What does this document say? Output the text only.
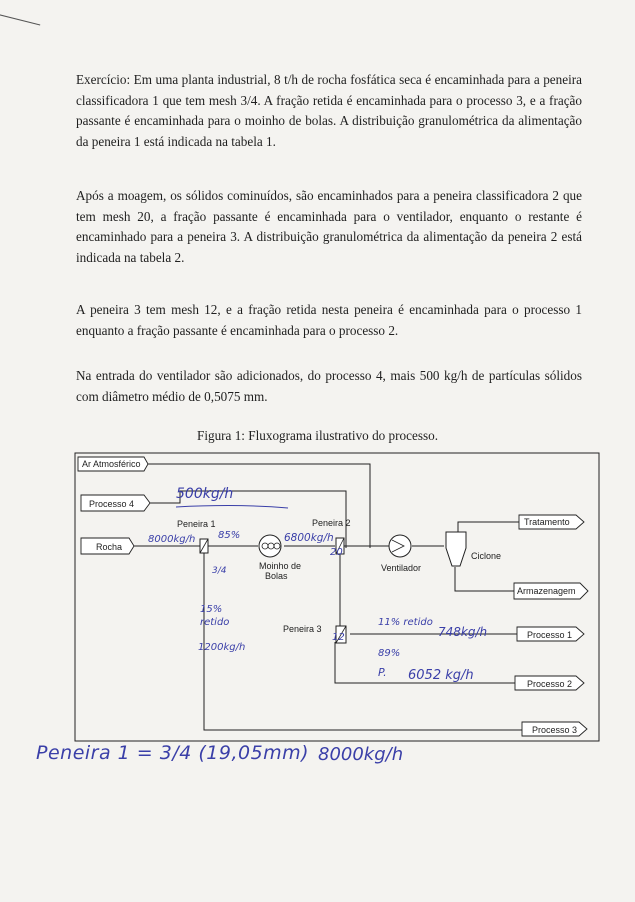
Exercício: Em uma planta industrial, 8 t/h de rocha fosfática seca é encaminhada para a peneira classificadora 1 que tem mesh 3/4. A fração retida é encaminhada para o processo 3, e a fração passante é encaminhada para o moinho de bolas. A distribuição granulométrica da alimentação da peneira 1 está indicada na tabela 1.

Após a moagem, os sólidos cominuídos, são encaminhados para a peneira classificadora 2 que tem mesh 20, a fração passante é encaminhada para o ventilador, enquanto o restante é encaminhado para a peneira 3. A distribuição granulométrica da alimentação da peneira 2 está indicada na tabela 2.

A peneira 3 tem mesh 12, e a fração retida nesta peneira é encaminhada para o processo 1 enquanto a fração passante é encaminhada para o processo 2.

Na entrada do ventilador são adicionados, do processo 4, mais 500 kg/h de partículas sólidos com diâmetro médio de 0,5075 mm.

Figura 1: Fluxograma ilustrativo do processo.
Ar Atmosférico
Processo 4
Rocha
Peneira 1	Peneira 2
Peneira 3
Moinho de
Bolas
Ventilador
Ciclone
Tratamento
Armazenagem
Processo 1
Processo 2
Processo 3
500kg/h
8000kg/h 85%
3/4
15%
retido
1200kg/h
6800kg/h
20
12
11% retido
748kg/h
89%
P. 6052 kg/h
Peneira 1 = 3/4 (19,05mm) 8000kg/h
